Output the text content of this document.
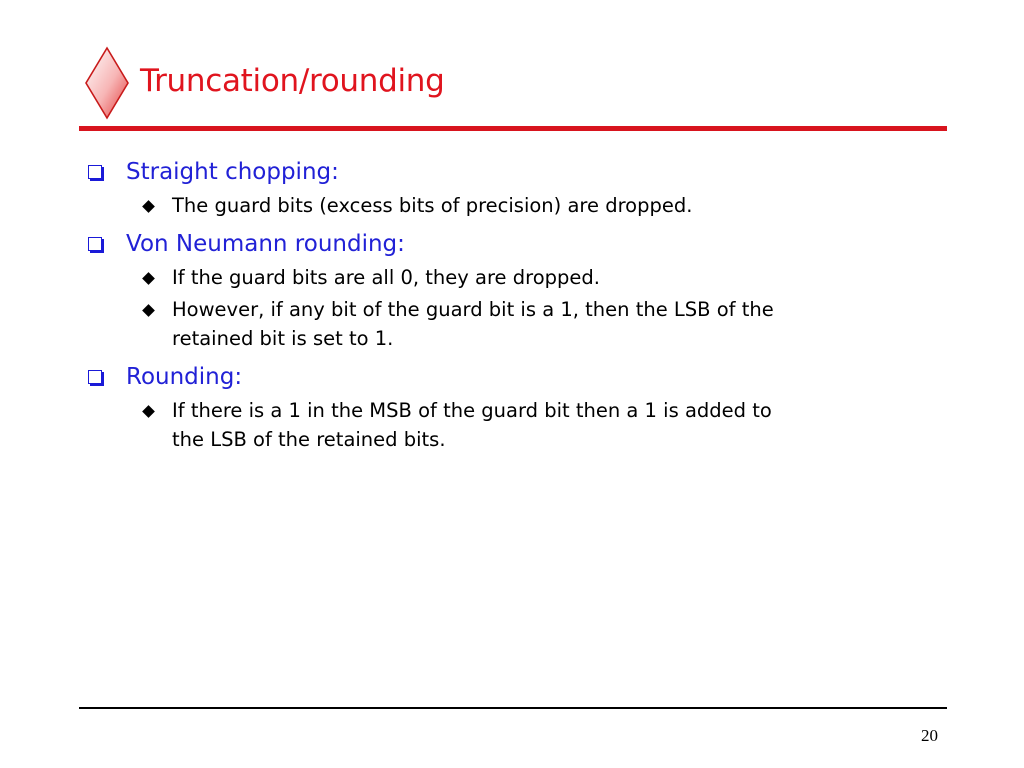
Truncation/rounding
Straight chopping:
The guard bits (excess bits of precision) are dropped.
Von Neumann rounding:
If the guard bits are all 0, they are dropped.
However, if any bit of the guard bit is a 1, then the LSB of the
retained bit is set to 1.
Rounding:
If there is a 1 in the MSB of the guard bit then a 1 is added to
the LSB of the retained bits.
20
